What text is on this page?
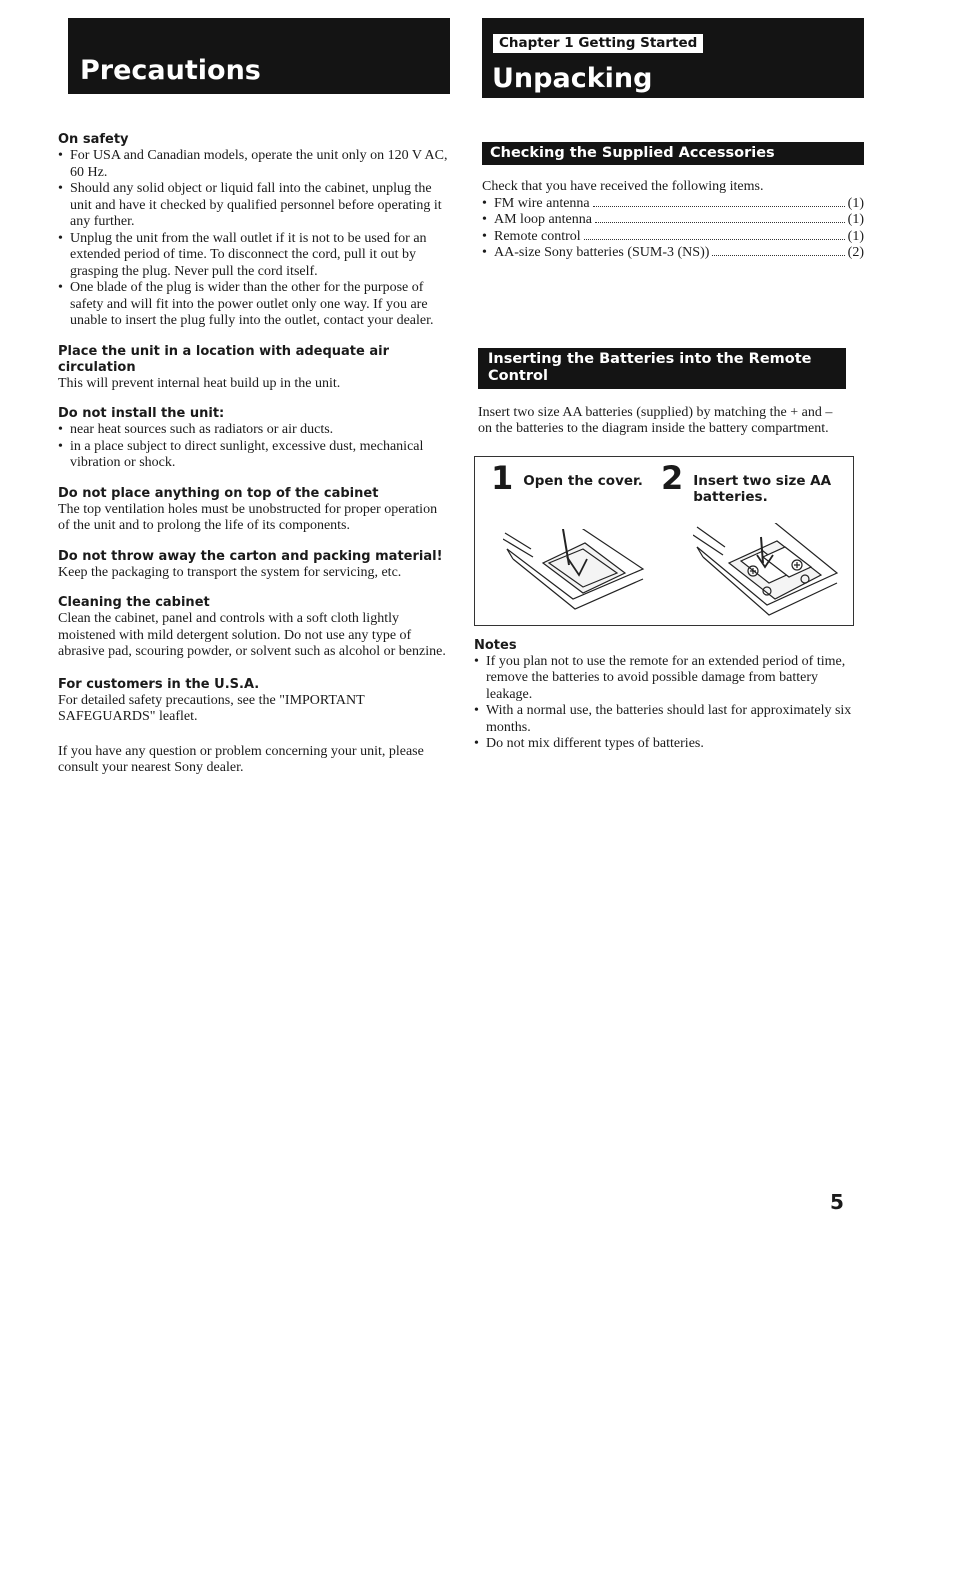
Precautions
On safety
• For USA and Canadian models, operate the unit only on 120 V AC, 60 Hz.
• Should any solid object or liquid fall into the cabinet, unplug the unit and have it checked by qualified personnel before operating it any further.
• Unplug the unit from the wall outlet if it is not to be used for an extended period of time. To disconnect the cord, pull it out by grasping the plug. Never pull the cord itself.
• One blade of the plug is wider than the other for the purpose of safety and will fit into the power outlet only one way. If you are unable to insert the plug fully into the outlet, contact your dealer.
Place the unit in a location with adequate air circulation

This will prevent internal heat build up in the unit.

Do not install the unit:
• near heat sources such as radiators or air ducts.
• in a place subject to direct sunlight, excessive dust, mechanical vibration or shock.
Do not place anything on top of the cabinet

The top ventilation holes must be unobstructed for proper operation of the unit and to prolong the life of its components.

Do not throw away the carton and packing material!

Keep the packaging to transport the system for servicing, etc.

Cleaning the cabinet

Clean the cabinet, panel and controls with a soft cloth lightly moistened with mild detergent solution. Do not use any type of abrasive pad, scouring powder, or solvent such as alcohol or benzine.

For customers in the U.S.A.

For detailed safety precautions, see the "IMPORTANT SAFEGUARDS" leaflet.

If you have any question or problem concerning your unit, please consult your nearest Sony dealer.

Chapter 1 Getting Started
Unpacking
Checking the Supplied Accessories

Check that you have received the following items.

• FM wire antenna	(1)
• AM loop antenna	(1)
• Remote control	(1)
• AA-size Sony batteries (SUM-3 (NS))	(2)
Inserting the Batteries into the Remote Control

Insert two size AA batteries (supplied) by matching the + and – on the batteries to the diagram inside the battery compartment.

1 Open the cover. 2 Insert two size AA batteries.
Notes
• If you plan not to use the remote for an extended period of time, remove the batteries to avoid possible damage from battery leakage.
• With a normal use, the batteries should last for approximately six months.
• Do not mix different types of batteries.
5
